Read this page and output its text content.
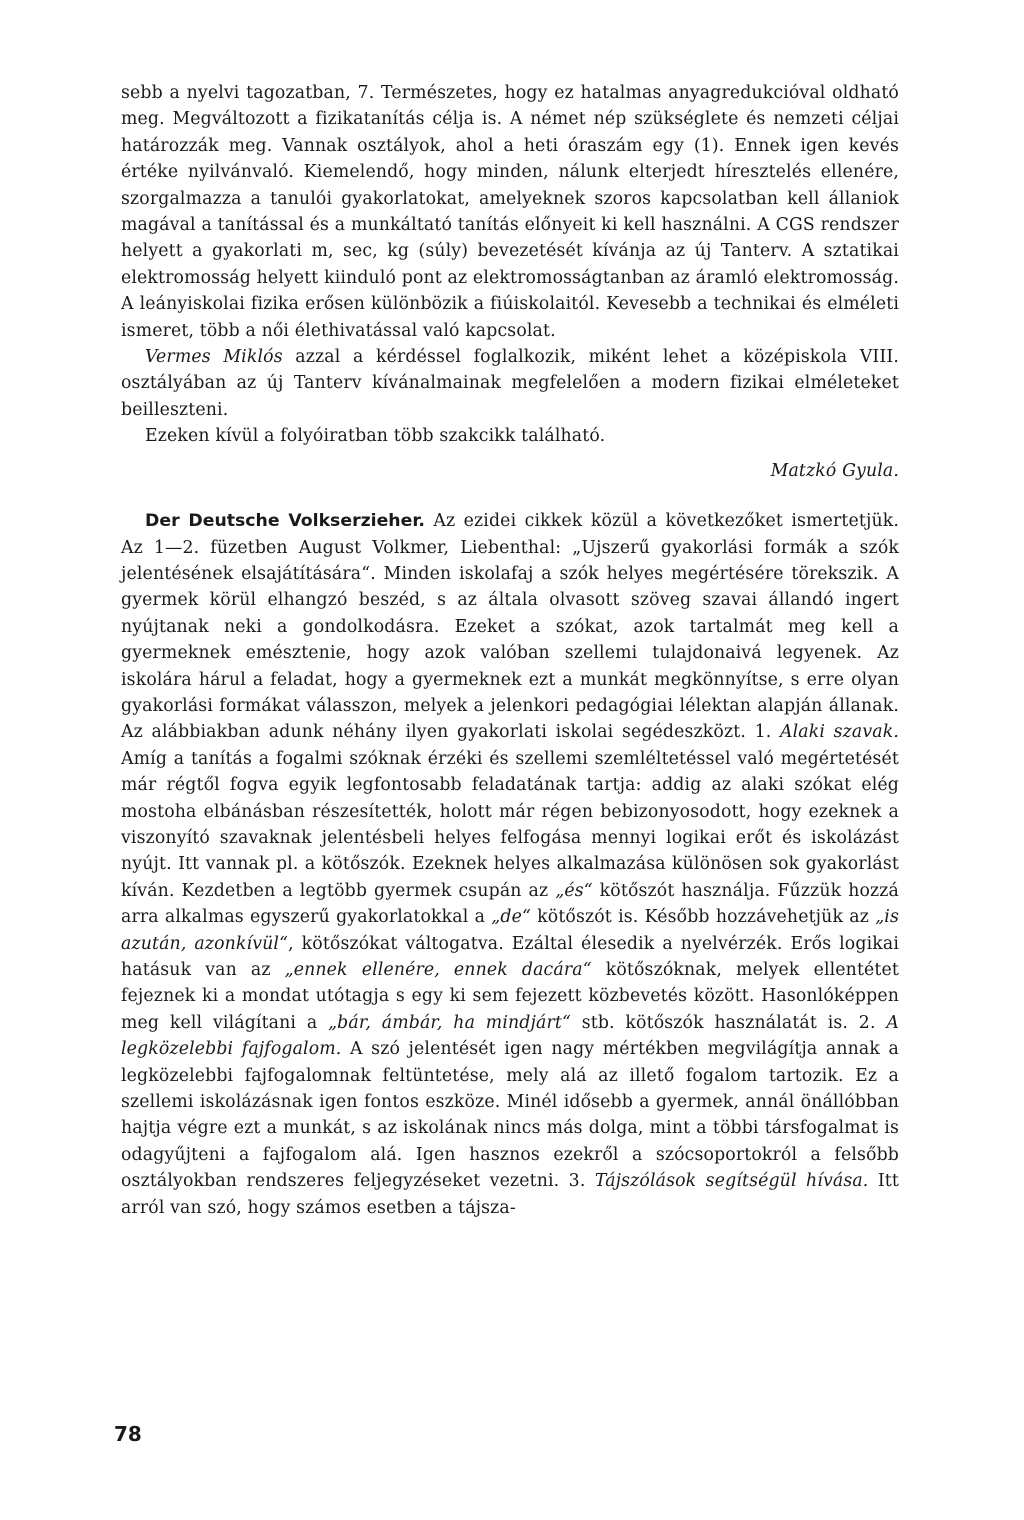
sebb a nyelvi tagozatban, 7. Természetes, hogy ez hatalmas anyagredukcióval oldható meg. Megváltozott a fizikatanítás célja is. A német nép szükséglete és nemzeti céljai határozzák meg. Vannak osztályok, ahol a heti óraszám egy (1). Ennek igen kevés értéke nyilvánvaló. Kiemelendő, hogy minden, nálunk elterjedt híresztelés ellenére, szorgalmazza a tanulói gyakorlatokat, amelyeknek szoros kapcsolatban kell állaniok magával a tanítással és a munkáltató tanítás előnyeit ki kell használni. A CGS rendszer helyett a gyakorlati m, sec, kg (súly) bevezetését kívánja az új Tanterv. A sztatikai elektromosság helyett kiinduló pont az elektromosságtanban az áramló elektromosság. A leányiskolai fizika erősen különbözik a fiúiskolaitól. Kevesebb a technikai és elméleti ismeret, több a női élethivatással való kapcsolat.

Vermes Miklós azzal a kérdéssel foglalkozik, miként lehet a középiskola VIII. osztályában az új Tanterv kívánalmainak megfelelően a modern fizikai elméleteket beilleszteni.

Ezeken kívül a folyóiratban több szakcikk található.

Matzkó Gyula.

Der Deutsche Volkserzieher. Az ezidei cikkek közül a következőket ismertetjük. Az 1—2. füzetben August Volkmer, Liebenthal: „Ujszerű gyakorlási formák a szók jelentésének elsajátítására“. Minden iskolafaj a szók helyes megértésére törekszik. A gyermek körül elhangzó beszéd, s az általa olvasott szöveg szavai állandó ingert nyújtanak neki a gondolkodásra. Ezeket a szókat, azok tartalmát meg kell a gyermeknek emésztenie, hogy azok valóban szellemi tulajdonaivá legyenek. Az iskolára hárul a feladat, hogy a gyermeknek ezt a munkát megkönnyítse, s erre olyan gyakorlási formákat válasszon, melyek a jelenkori pedagógiai lélektan alapján állanak. Az alábbiakban adunk néhány ilyen gyakorlati iskolai segédeszközt. 1. Alaki szavak. Amíg a tanítás a fogalmi szóknak érzéki és szellemi szemléltetéssel való megértetését már régtől fogva egyik legfontosabb feladatának tartja: addig az alaki szókat elég mostoha elbánásban részesítették, holott már régen bebizonyosodott, hogy ezeknek a viszonyító szavaknak jelentésbeli helyes felfogása mennyi logikai erőt és iskolázást nyújt. Itt vannak pl. a kötőszók. Ezeknek helyes alkalmazása különösen sok gyakorlást kíván. Kezdetben a legtöbb gyermek csupán az „és“ kötőszót használja. Fűzzük hozzá arra alkalmas egyszerű gyakorlatokkal a „de“ kötőszót is. Később hozzávehetjük az „is azután, azonkívül“, kötőszókat váltogatva. Ezáltal élesedik a nyelvérzék. Erős logikai hatásuk van az „ennek ellenére, ennek dacára“ kötőszóknak, melyek ellentétet fejeznek ki a mondat utótagja s egy ki sem fejezett közbevetés között. Hasonlóképpen meg kell világítani a „bár, ámbár, ha mindjárt“ stb. kötőszók használatát is. 2. A legközelebbi fajfogalom. A szó jelentését igen nagy mértékben megvilágítja annak a legközelebbi fajfogalomnak feltüntetése, mely alá az illető fogalom tartozik. Ez a szellemi iskolázásnak igen fontos eszköze. Minél idősebb a gyermek, annál önállóbban hajtja végre ezt a munkát, s az iskolának nincs más dolga, mint a többi társfogalmat is odagyűjteni a fajfogalom alá. Igen hasznos ezekről a szócsoportokról a felsőbb osztályokban rendszeres feljegyzéseket vezetni. 3. Tájszólások segítségül hívása. Itt arról van szó, hogy számos esetben a tájsza-

78
